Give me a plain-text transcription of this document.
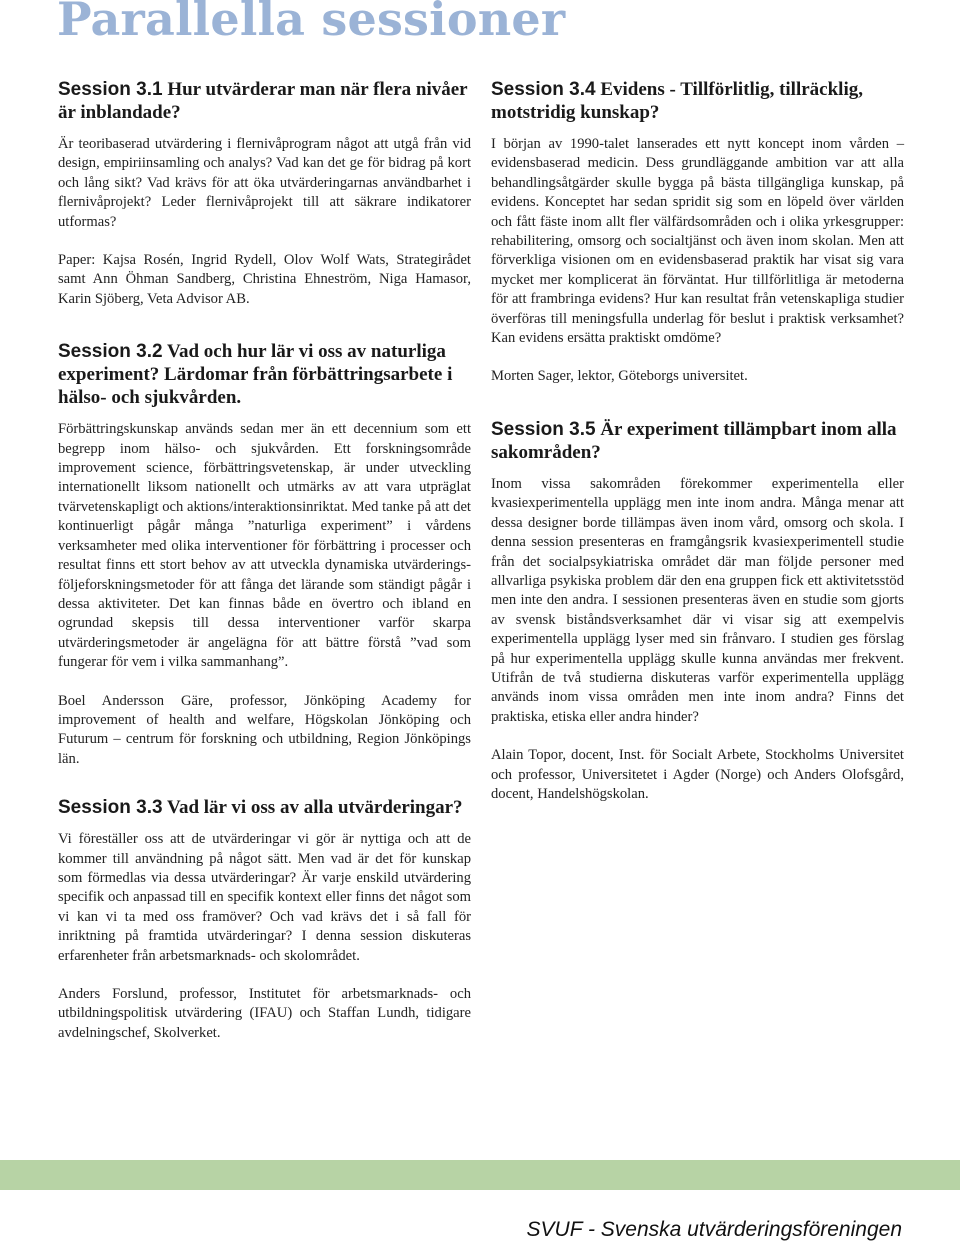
Parallella sessioner
Session 3.1 Hur utvärderar man när flera nivåer är inblandade?

Är teoribaserad utvärdering i flernivåprogram något att utgå från vid design, empiriinsamling och analys? Vad kan det ge för bidrag på kort och lång sikt? Vad krävs för att öka utvärderingarnas användbarhet i flernivåprojekt? Leder flernivåprojekt till att säkrare indikatorer utformas?

Paper: Kajsa Rosén, Ingrid Rydell, Olov Wolf Wats, Strategirådet samt Ann Öhman Sandberg, Christina Ehneström, Niga Hamasor, Karin Sjöberg, Veta Advisor AB.

Session 3.2 Vad och hur lär vi oss av naturliga experiment? Lärdomar från förbättringsarbete i hälso- och sjukvården.

Förbättringskunskap används sedan mer än ett decennium som ett begrepp inom hälso- och sjukvården. Ett forskningsområde improvement science, förbättringsvetenskap, är under utveckling internationellt liksom nationellt och utmärks av att vara utpräglat tvärvetenskapligt och aktions/interaktionsinriktat. Med tanke på att det kontinuerligt pågår många ”naturliga experiment” i vårdens verksamheter med olika interventioner för förbättring i processer och resultat finns ett stort behov av att utveckla dynamiska utvärderings- följeforskningsmetoder för att fånga det lärande som ständigt pågår i dessa aktiviteter. Det kan finnas både en övertro och ibland en ogrundad skepsis till dessa interventioner varför skarpa utvärderingsmetoder är angelägna för att bättre förstå ”vad som fungerar för vem i vilka sammanhang”.

Boel Andersson Gäre, professor, Jönköping Academy for improvement of health and welfare, Högskolan Jönköping och Futurum – centrum för forskning och utbildning, Region Jönköpings län.

Session 3.3 Vad lär vi oss av alla utvärderingar?

Vi föreställer oss att de utvärderingar vi gör är nyttiga och att de kommer till användning på något sätt. Men vad är det för kunskap som förmedlas via dessa utvärderingar? Är varje enskild utvärdering specifik och anpassad till en specifik kontext eller finns det något som vi kan vi ta med oss framöver? Och vad krävs det i så fall för inriktning på framtida utvärderingar? I denna session diskuteras erfarenheter från arbetsmarknads- och skolområdet.

Anders Forslund, professor, Institutet för arbetsmarknads- och utbildningspolitisk utvärdering (IFAU) och Staffan Lundh, tidigare avdelningschef, Skolverket.

Session 3.4 Evidens - Tillförlitlig, tillräcklig, motstridig kunskap?

I början av 1990-talet lanserades ett nytt koncept inom vården – evidensbaserad medicin. Dess grundläggande ambition var att alla behandlingsåtgärder skulle bygga på bästa tillgängliga kunskap, på evidens. Konceptet har sedan spridit sig som en löpeld över världen och fått fäste inom allt fler välfärdsområden och i olika yrkesgrupper: rehabilitering, omsorg och socialtjänst och även inom skolan. Men att förverkliga visionen om en evidensbaserad praktik har visat sig vara mycket mer komplicerat än förväntat. Hur tillförlitliga är metoderna för att frambringa evidens? Hur kan resultat från vetenskapliga studier överföras till meningsfulla underlag för beslut i praktisk verksamhet? Kan evidens ersätta praktiskt omdöme?

Morten Sager, lektor, Göteborgs universitet.

Session 3.5 Är experiment tillämpbart inom alla sakområden?

Inom vissa sakområden förekommer experimentella eller kvasiexperimentella upplägg men inte inom andra. Många menar att dessa designer borde tillämpas även inom vård, omsorg och skola. I denna session presenteras en framgångsrik kvasiexperimentell studie från det socialpsykiatriska området där man följde personer med allvarliga psykiska problem där den ena gruppen fick ett aktivitetsstöd men inte den andra. I sessionen presenteras även en studie som gjorts av svensk biståndsverksamhet där vi visar sig att exempelvis experimentella upplägg lyser med sin frånvaro. I studien ges förslag på hur experimentella upplägg skulle kunna användas mer frekvent. Utifrån de två studierna diskuteras varför experimentella upplägg används inom vissa områden men inte inom andra? Finns det praktiska, etiska eller andra hinder?

Alain Topor, docent, Inst. för Socialt Arbete, Stockholms Universitet och professor, Universitetet i Agder (Norge) och Anders Olofsgård, docent, Handelshögskolan.

SVUF - Svenska utvärderingsföreningen
